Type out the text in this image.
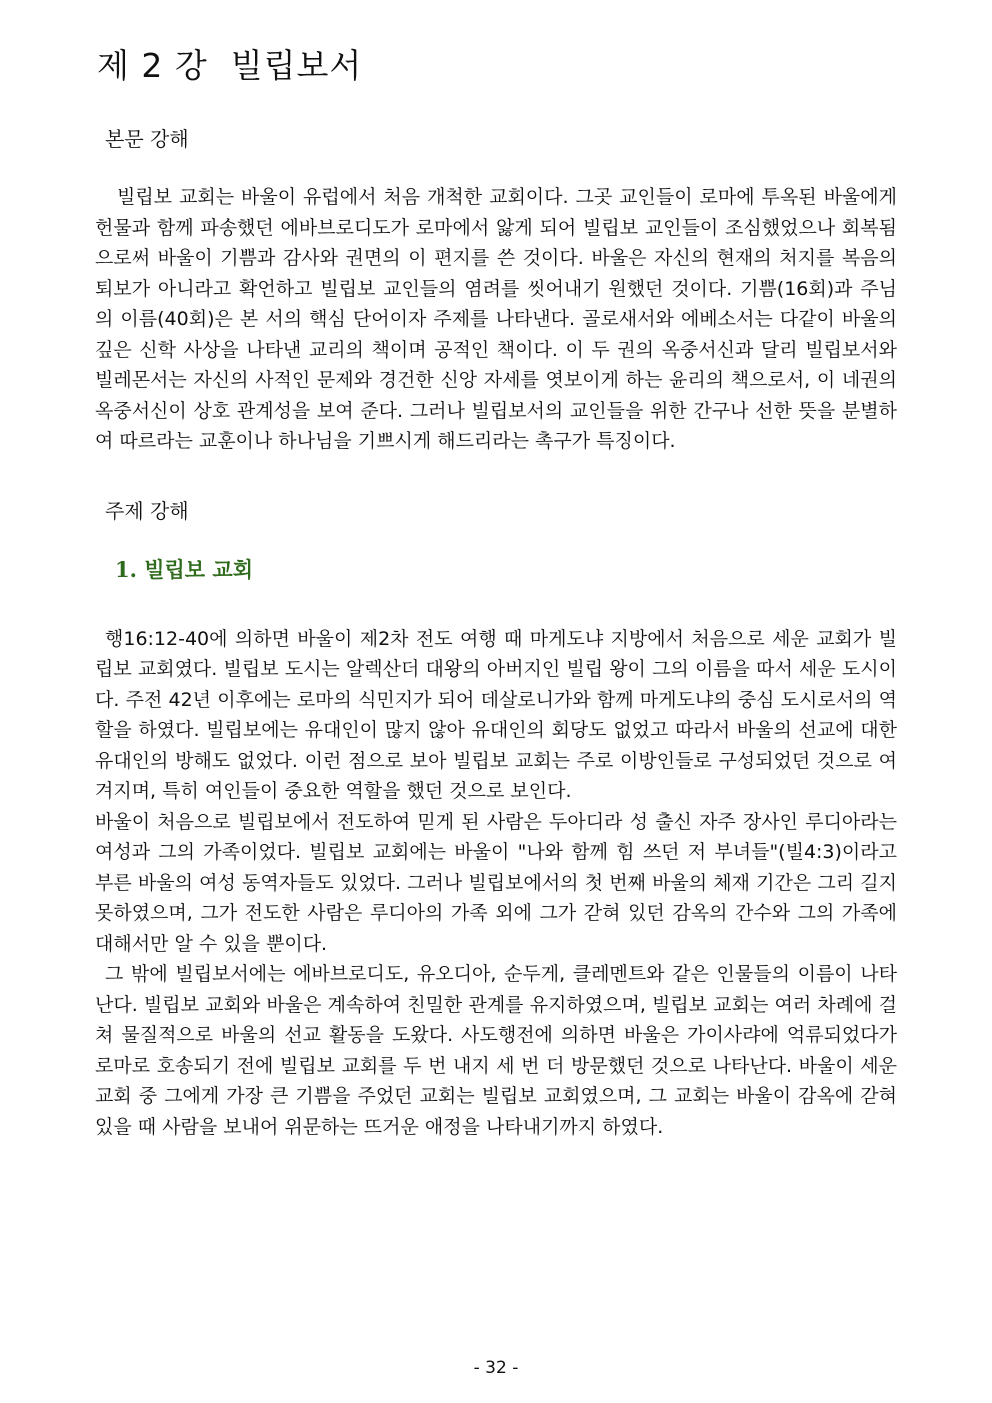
제 2 강  빌립보서
본문 강해

빌립보 교회는 바울이 유럽에서 처음 개척한 교회이다. 그곳 교인들이 로마에 투옥된 바울에게 헌물과 함께 파송했던 에바브로디도가 로마에서 앓게 되어 빌립보 교인들이 조심했었으나 회복됨으로써 바울이 기쁨과 감사와 권면의 이 편지를 쓴 것이다. 바울은 자신의 현재의 처지를 복음의 퇴보가 아니라고 확언하고 빌립보 교인들의 염려를 씻어내기 원했던 것이다. 기쁨(16회)과 주님의 이름(40회)은 본 서의 핵심 단어이자 주제를 나타낸다. 골로새서와 에베소서는 다같이 바울의 깊은 신학 사상을 나타낸 교리의 책이며 공적인 책이다. 이 두 권의 옥중서신과 달리 빌립보서와 빌레몬서는 자신의 사적인 문제와 경건한 신앙 자세를 엿보이게 하는 윤리의 책으로서, 이 네권의 옥중서신이 상호 관계성을 보여 준다. 그러나 빌립보서의 교인들을 위한 간구나 선한 뜻을 분별하여 따르라는 교훈이나 하나님을 기쁘시게 해드리라는 촉구가 특징이다.

주제 강해
1. 빌립보 교회

행16:12-40에 의하면 바울이 제2차 전도 여행 때 마게도냐 지방에서 처음으로 세운 교회가 빌립보 교회였다. 빌립보 도시는 알렉산더 대왕의 아버지인 빌립 왕이 그의 이름을 따서 세운 도시이다. 주전 42년 이후에는 로마의 식민지가 되어 데살로니가와 함께 마게도냐의 중심 도시로서의 역할을 하였다. 빌립보에는 유대인이 많지 않아 유대인의 회당도 없었고 따라서 바울의 선교에 대한 유대인의 방해도 없었다. 이런 점으로 보아 빌립보 교회는 주로 이방인들로 구성되었던 것으로 여겨지며, 특히 여인들이 중요한 역할을 했던 것으로 보인다.

바울이 처음으로 빌립보에서 전도하여 믿게 된 사람은 두아디라 성 출신 자주 장사인 루디아라는 여성과 그의 가족이었다. 빌립보 교회에는 바울이 "나와 함께 힘 쓰던 저 부녀들"(빌4:3)이라고 부른 바울의 여성 동역자들도 있었다. 그러나 빌립보에서의 첫 번째 바울의 체재 기간은 그리 길지 못하였으며, 그가 전도한 사람은 루디아의 가족 외에 그가 갇혀 있던 감옥의 간수와 그의 가족에 대해서만 알 수 있을 뿐이다.

그 밖에 빌립보서에는 에바브로디도, 유오디아, 순두게, 클레멘트와 같은 인물들의 이름이 나타난다. 빌립보 교회와 바울은 계속하여 친밀한 관계를 유지하였으며, 빌립보 교회는 여러 차례에 걸쳐 물질적으로 바울의 선교 활동을 도왔다. 사도행전에 의하면 바울은 가이사랴에 억류되었다가 로마로 호송되기 전에 빌립보 교회를 두 번 내지 세 번 더 방문했던 것으로 나타난다. 바울이 세운 교회 중 그에게 가장 큰 기쁨을 주었던 교회는 빌립보 교회였으며, 그 교회는 바울이 감옥에 갇혀 있을 때 사람을 보내어 위문하는 뜨거운 애정을 나타내기까지 하였다.

- 32 -
